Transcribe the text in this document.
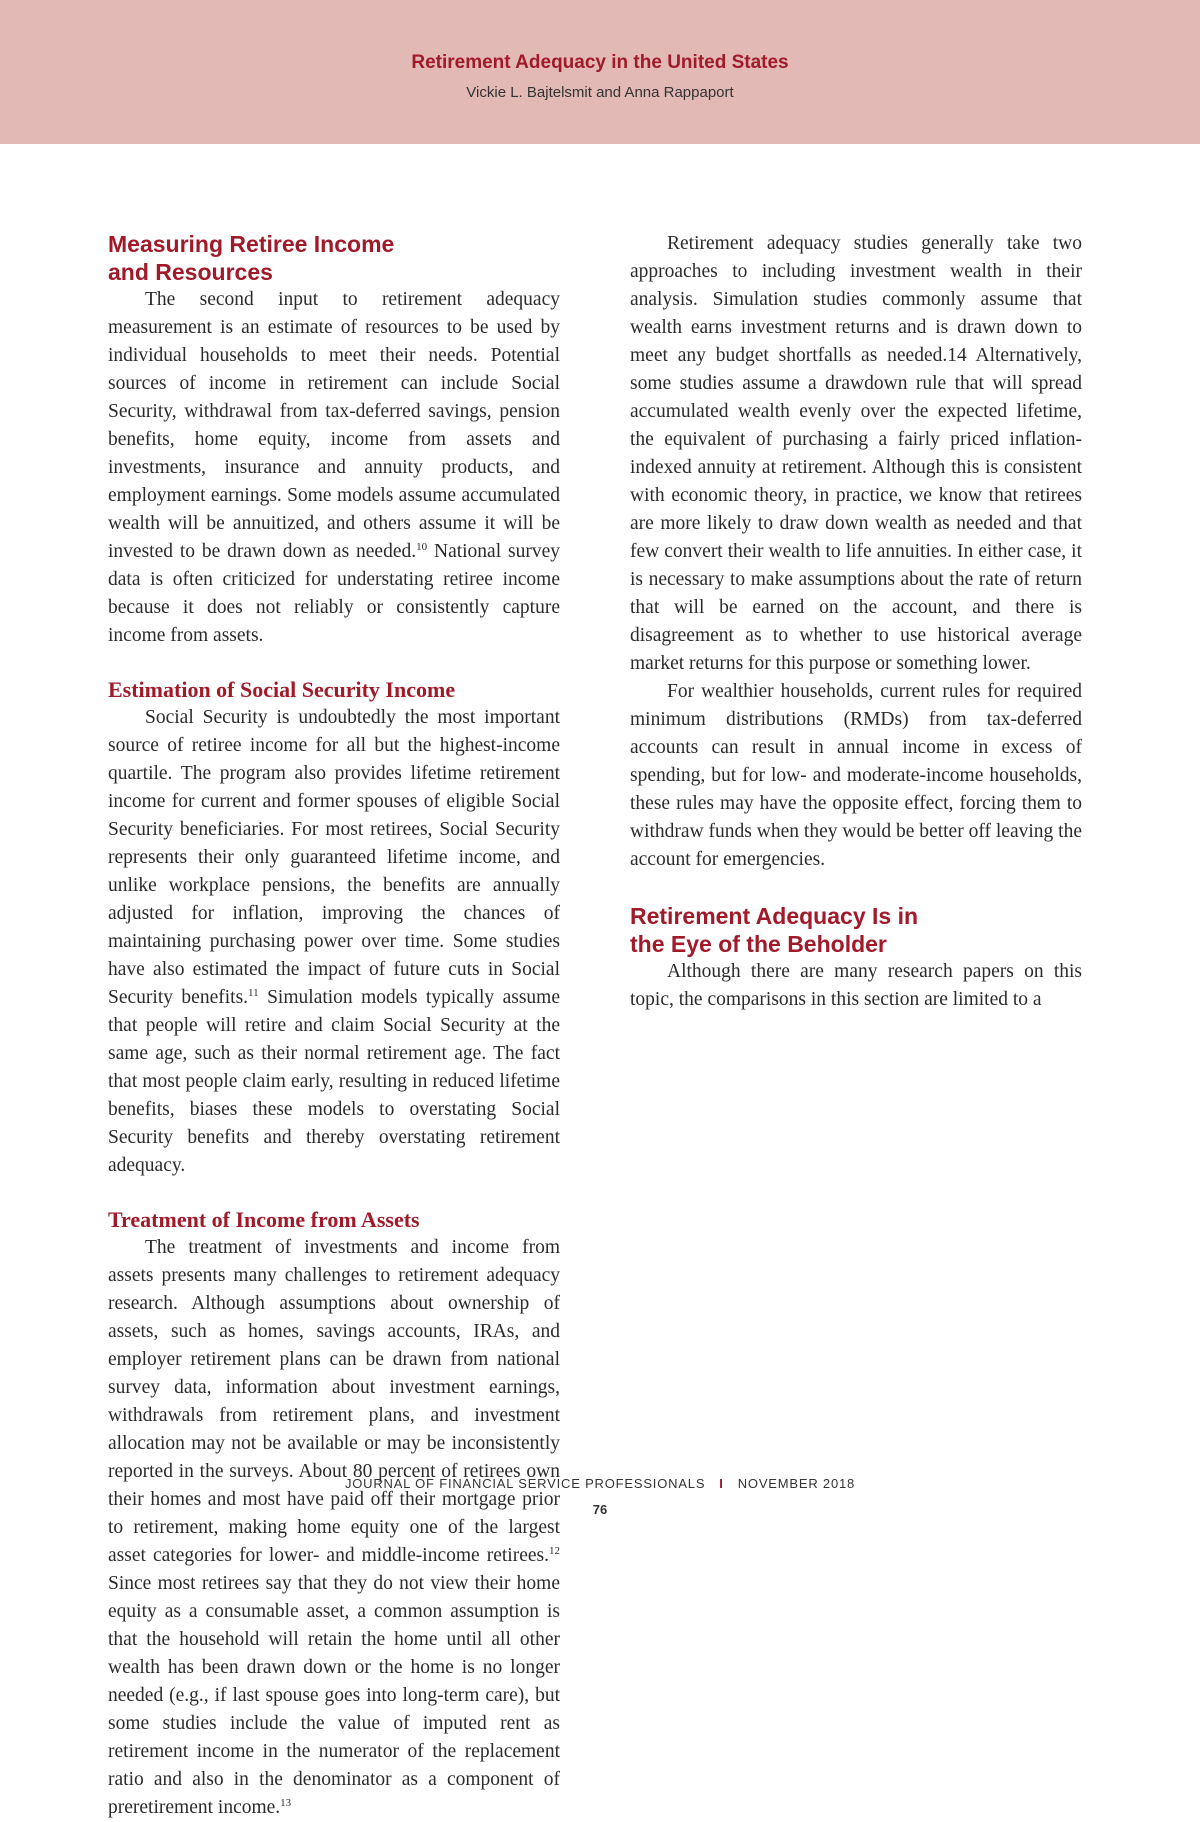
Retirement Adequacy in the United States
Vickie L. Bajtelsmit and Anna Rappaport
Measuring Retiree Income
and Resources

The second input to retirement adequacy measurement is an estimate of resources to be used by individual households to meet their needs. Potential sources of income in retirement can include Social Security, withdrawal from tax-deferred savings, pension benefits, home equity, income from assets and investments, insurance and annuity products, and employment earnings. Some models assume accumulated wealth will be annuitized, and others assume it will be invested to be drawn down as needed.$^{10}$ National survey data is often criticized for understating retiree income because it does not reliably or consistently capture income from assets.

Estimation of Social Security Income

Social Security is undoubtedly the most important source of retiree income for all but the highest-income quartile. The program also provides lifetime retirement income for current and former spouses of eligible Social Security beneficiaries. For most retirees, Social Security represents their only guaranteed lifetime income, and unlike workplace pensions, the benefits are annually adjusted for inflation, improving the chances of maintaining purchasing power over time. Some studies have also estimated the impact of future cuts in Social Security benefits.$^{11}$ Simulation models typically assume that people will retire and claim Social Security at the same age, such as their normal retirement age. The fact that most people claim early, resulting in reduced lifetime benefits, biases these models to overstating Social Security benefits and thereby overstating retirement adequacy.

Treatment of Income from Assets

The treatment of investments and income from assets presents many challenges to retirement adequacy research. Although assumptions about ownership of assets, such as homes, savings accounts, IRAs, and employer retirement plans can be drawn from national survey data, information about investment earnings, withdrawals from retirement plans, and investment allocation may not be available or may be inconsistently reported in the surveys. About 80 percent of retirees own their homes and most have paid off their mortgage prior to retirement, making home equity one of the largest asset categories for lower- and middle-income retirees.$^{12}$ Since most retirees say that they do not view their home equity as a consumable asset, a common assumption is that the household will retain the home until all other wealth has been drawn down or the home is no longer needed (e.g., if last spouse goes into long-term care), but some studies include the value of imputed rent as retirement income in the numerator of the replacement ratio and also in the denominator as a component of preretirement income.$^{13}$

Retirement adequacy studies generally take two approaches to including investment wealth in their analysis. Simulation studies commonly assume that wealth earns investment returns and is drawn down to meet any budget shortfalls as needed.14 Alternatively, some studies assume a drawdown rule that will spread accumulated wealth evenly over the expected lifetime, the equivalent of purchasing a fairly priced inflation-indexed annuity at retirement. Although this is consistent with economic theory, in practice, we know that retirees are more likely to draw down wealth as needed and that few convert their wealth to life annuities. In either case, it is necessary to make assumptions about the rate of return that will be earned on the account, and there is disagreement as to whether to use historical average market returns for this purpose or something lower.

For wealthier households, current rules for required minimum distributions (RMDs) from tax-deferred accounts can result in annual income in excess of spending, but for low- and moderate-income households, these rules may have the opposite effect, forcing them to withdraw funds when they would be better off leaving the account for emergencies.

Retirement Adequacy Is in
the Eye of the Beholder

Although there are many research papers on this topic, the comparisons in this section are limited to a

JOURNAL OF FINANCIAL SERVICE PROFESSIONALS I NOVEMBER 2018
76
